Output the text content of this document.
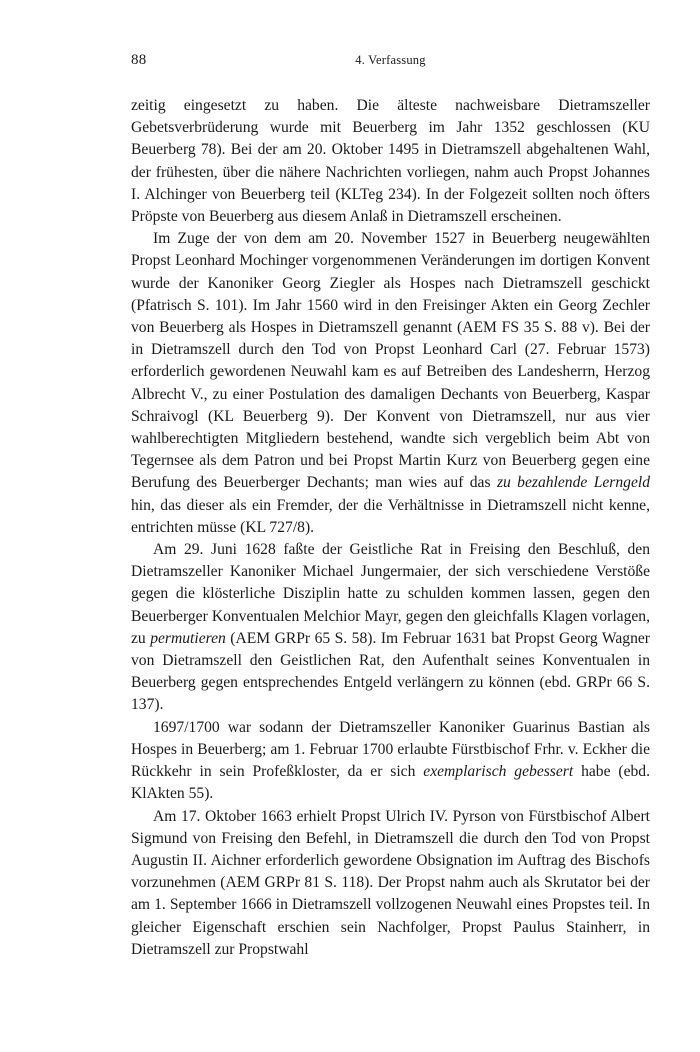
88	4. Verfassung

zeitig eingesetzt zu haben. Die älteste nachweisbare Dietramszeller Gebetsverbrüderung wurde mit Beuerberg im Jahr 1352 geschlossen (KU Beuerberg 78). Bei der am 20. Oktober 1495 in Dietramszell abgehaltenen Wahl, der frühesten, über die nähere Nachrichten vorliegen, nahm auch Propst Johannes I. Alchinger von Beuerberg teil (KLTeg 234). In der Folgezeit sollten noch öfters Pröpste von Beuerberg aus diesem Anlaß in Dietramszell erscheinen.

Im Zuge der von dem am 20. November 1527 in Beuerberg neugewählten Propst Leonhard Mochinger vorgenommenen Veränderungen im dortigen Konvent wurde der Kanoniker Georg Ziegler als Hospes nach Dietramszell geschickt (Pfatrisch S. 101). Im Jahr 1560 wird in den Freisinger Akten ein Georg Zechler von Beuerberg als Hospes in Dietramszell genannt (AEM FS 35 S. 88 v). Bei der in Dietramszell durch den Tod von Propst Leonhard Carl (27. Februar 1573) erforderlich gewordenen Neuwahl kam es auf Betreiben des Landesherrn, Herzog Albrecht V., zu einer Postulation des damaligen Dechants von Beuerberg, Kaspar Schraivogl (KL Beuerberg 9). Der Konvent von Dietramszell, nur aus vier wahlberechtigten Mitgliedern bestehend, wandte sich vergeblich beim Abt von Tegernsee als dem Patron und bei Propst Martin Kurz von Beuerberg gegen eine Berufung des Beuerberger Dechants; man wies auf das zu bezahlende Lerngeld hin, das dieser als ein Fremder, der die Verhältnisse in Dietramszell nicht kenne, entrichten müsse (KL 727/8).

Am 29. Juni 1628 faßte der Geistliche Rat in Freising den Beschluß, den Dietramszeller Kanoniker Michael Jungermaier, der sich verschiedene Verstöße gegen die klösterliche Disziplin hatte zu schulden kommen lassen, gegen den Beuerberger Konventualen Melchior Mayr, gegen den gleichfalls Klagen vorlagen, zu permutieren (AEM GRPr 65 S. 58). Im Februar 1631 bat Propst Georg Wagner von Dietramszell den Geistlichen Rat, den Aufenthalt seines Konventualen in Beuerberg gegen entsprechendes Entgeld verlängern zu können (ebd. GRPr 66 S. 137).

1697/1700 war sodann der Dietramszeller Kanoniker Guarinus Bastian als Hospes in Beuerberg; am 1. Februar 1700 erlaubte Fürstbischof Frhr. v. Eckher die Rückkehr in sein Profeßkloster, da er sich exemplarisch gebessert habe (ebd. KlAkten 55).

Am 17. Oktober 1663 erhielt Propst Ulrich IV. Pyrson von Fürstbischof Albert Sigmund von Freising den Befehl, in Dietramszell die durch den Tod von Propst Augustin II. Aichner erforderlich gewordene Obsignation im Auftrag des Bischofs vorzunehmen (AEM GRPr 81 S. 118). Der Propst nahm auch als Skrutator bei der am 1. September 1666 in Dietramszell vollzogenen Neuwahl eines Propstes teil. In gleicher Eigenschaft erschien sein Nachfolger, Propst Paulus Stainherr, in Dietramszell zur Propstwahl
